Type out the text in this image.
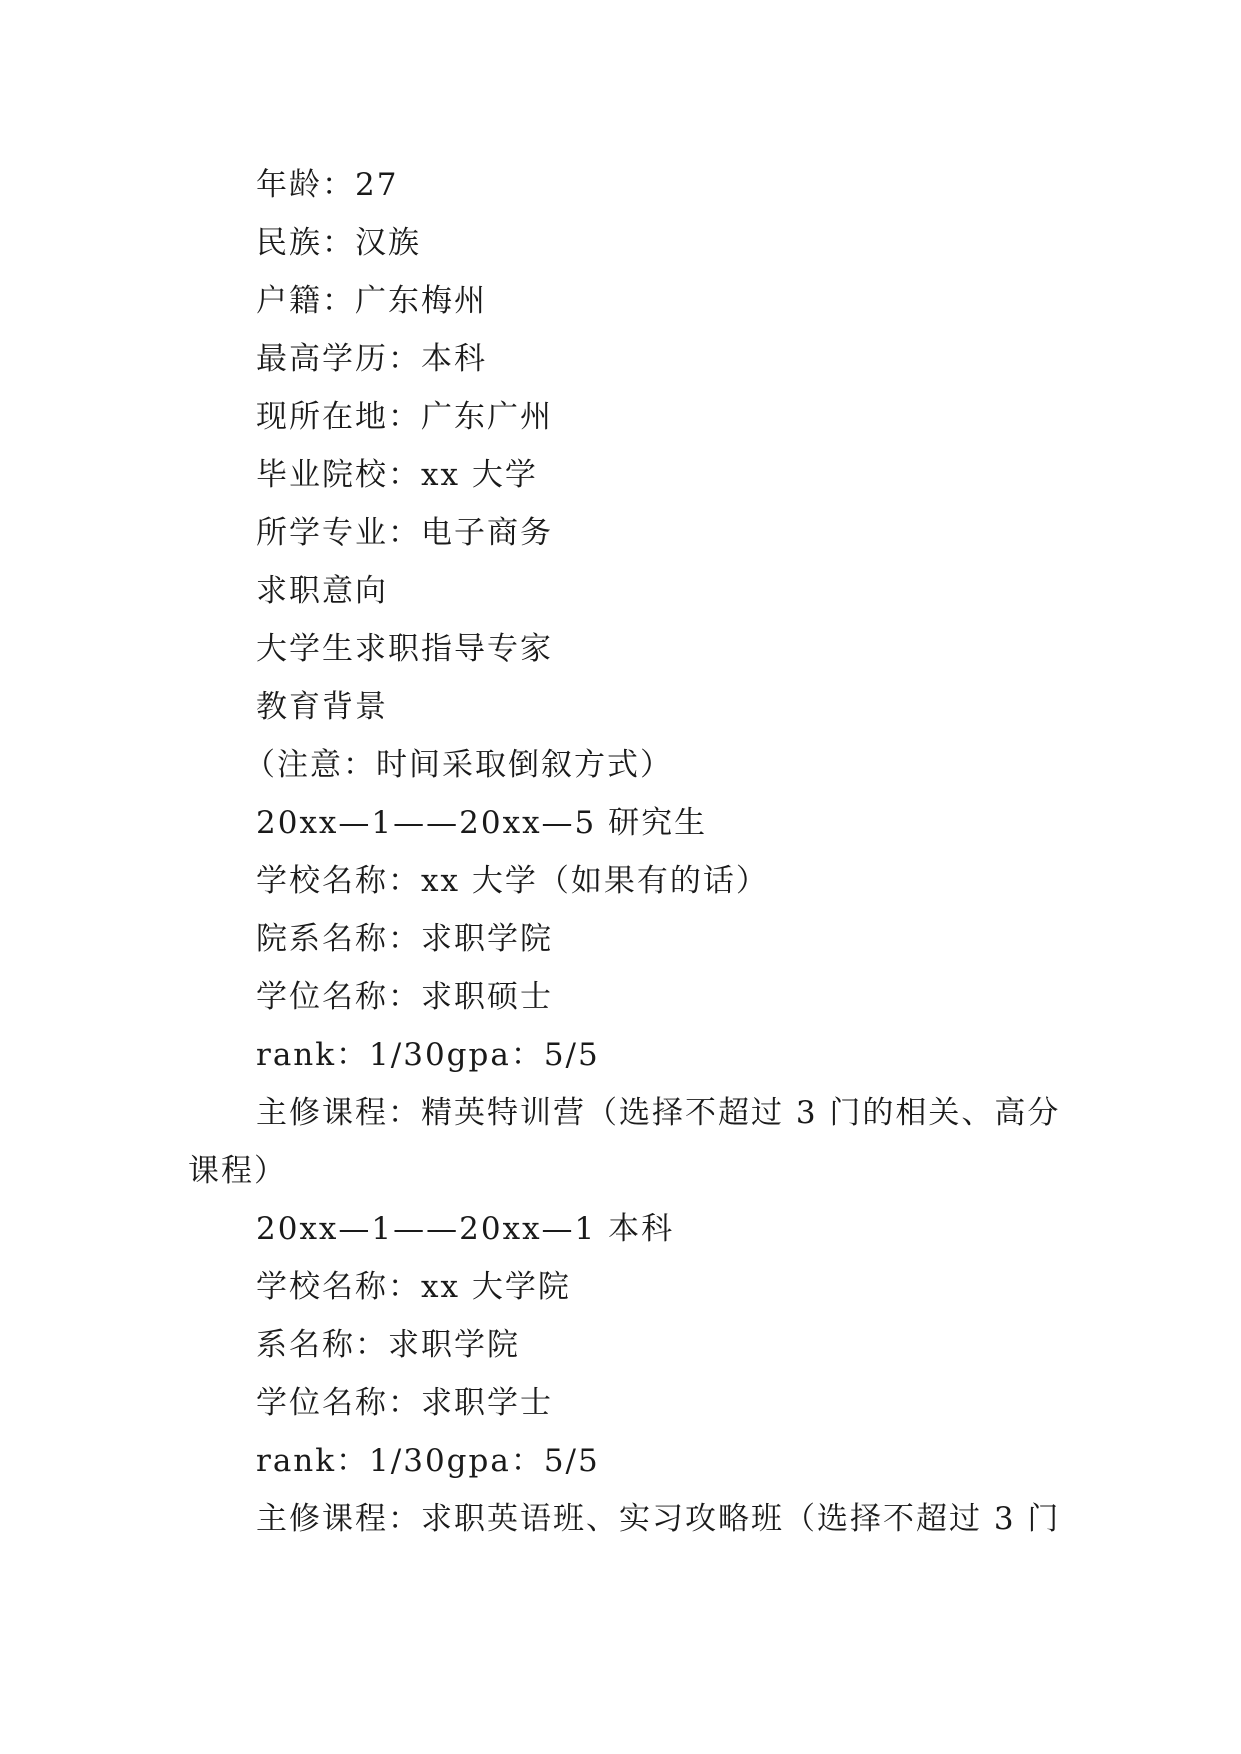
年龄：27
民族：汉族
户籍：广东梅州
最高学历：本科
现所在地：广东广州
毕业院校：xx 大学
所学专业：电子商务
求职意向
大学生求职指导专家
教育背景
（注意：时间采取倒叙方式）
20xx—1——20xx—5 研究生
学校名称：xx 大学（如果有的话）
院系名称：求职学院
学位名称：求职硕士
rank：1/30gpa：5/5
主修课程：精英特训营（选择不超过 3 门的相关、高分
课程）
20xx—1——20xx—1 本科
学校名称：xx 大学院
系名称：求职学院
学位名称：求职学士
rank：1/30gpa：5/5
主修课程：求职英语班、实习攻略班（选择不超过 3 门
